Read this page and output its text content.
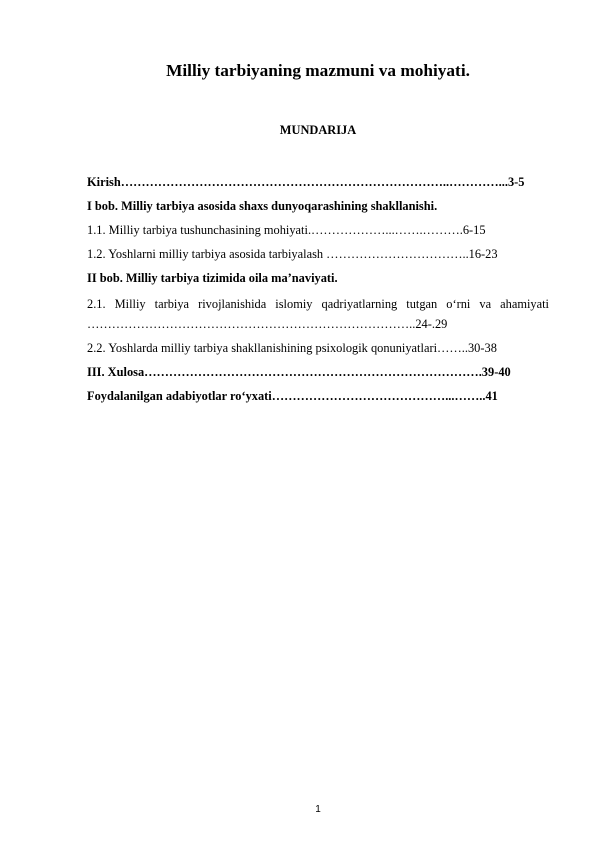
Milliy tarbiyaning mazmuni va mohiyati.
MUNDARIJA
Kirish……………………………………………………………………..…………...3-5
I bob. Milliy tarbiya asosida shaxs dunyoqarashining shakllanishi.
1.1. Milliy tarbiya tushunchasining mohiyati.………………...…….……….6-15
1.2. Yoshlarni milliy tarbiya asosida tarbiyalash ……………………………..16-23
II bob. Milliy tarbiya tizimida oila ma’naviyati.
2.1. Milliy tarbiya rivojlanishida islomiy qadriyatlarning tutgan o‘rni va ahamiyati ……………………………………………………………………..24-.29
2.2. Yoshlarda milliy tarbiya shakllanishining psixologik qonuniyatlari……..30-38
III. Xulosa……………………………………………………………………….39-40
Foydalanilgan adabiyotlar ro‘yxati……………………………………...……..41
1
